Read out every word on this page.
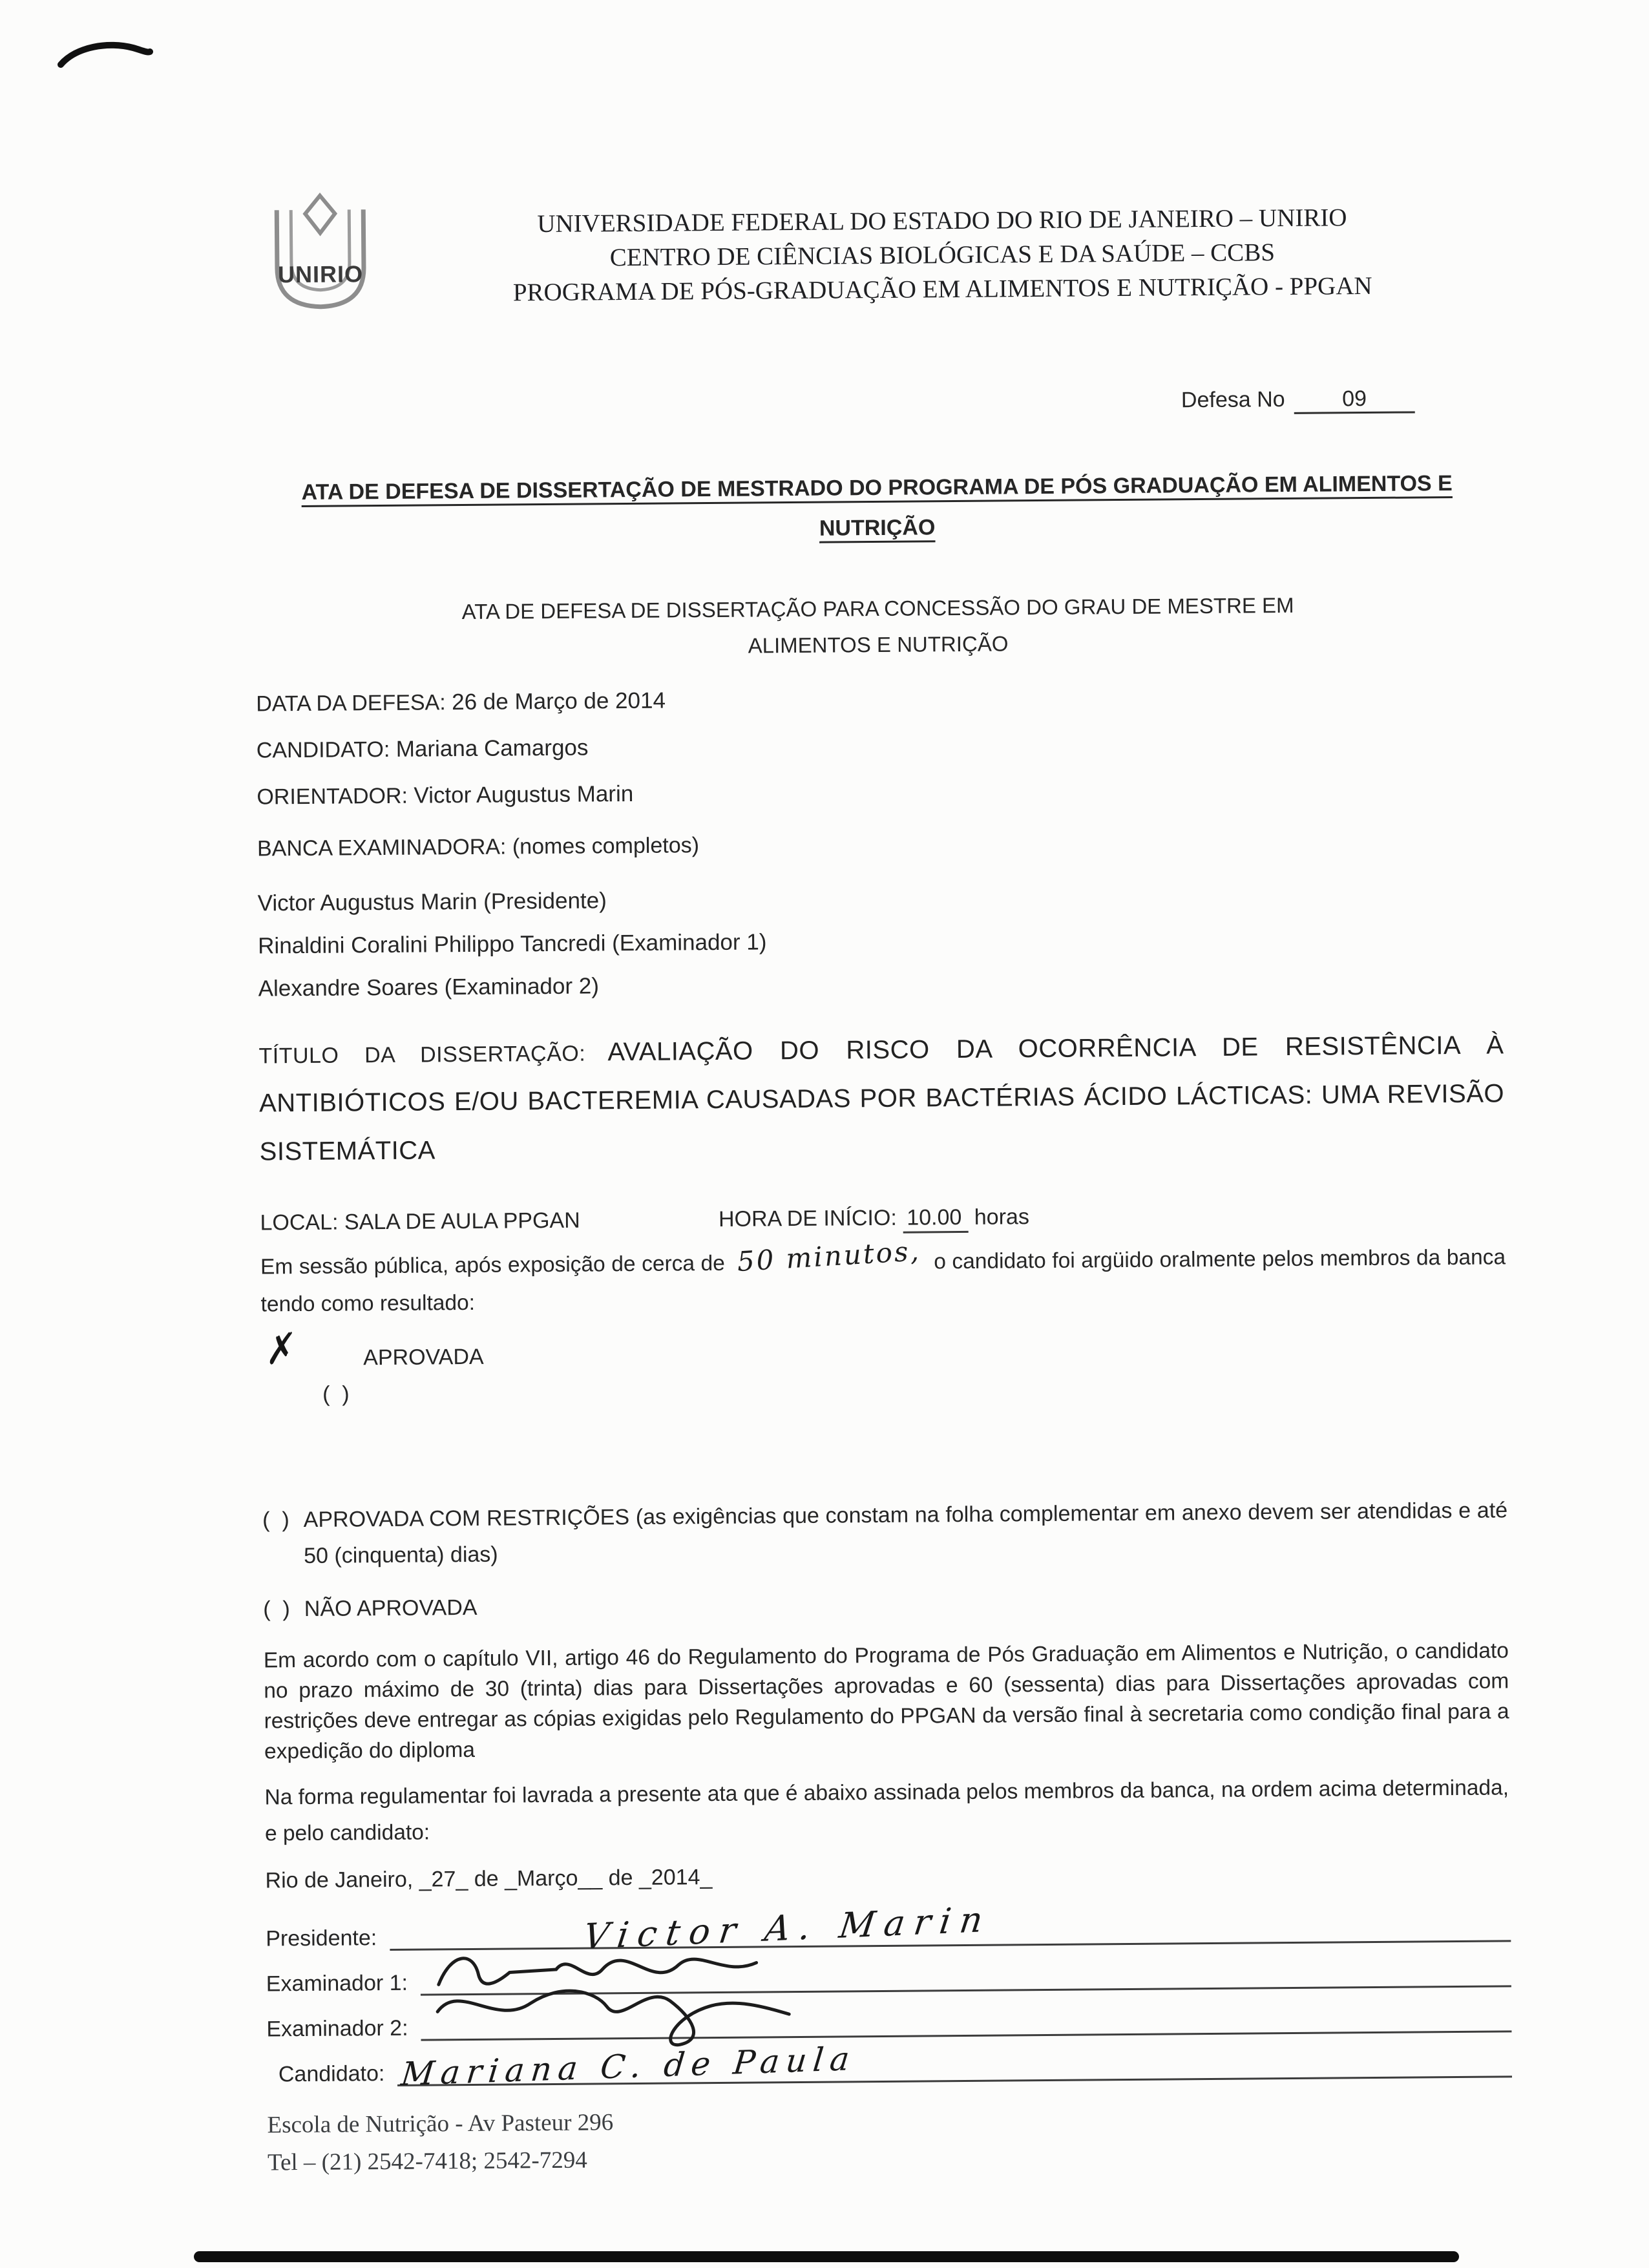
UNIRIO
UNIVERSIDADE FEDERAL DO ESTADO DO RIO DE JANEIRO – UNIRIO
CENTRO DE CIÊNCIAS BIOLÓGICAS E DA SAÚDE – CCBS
PROGRAMA DE PÓS-GRADUAÇÃO EM ALIMENTOS E NUTRIÇÃO - PPGAN
Defesa No	09
ATA DE DEFESA DE DISSERTAÇÃO DE MESTRADO DO PROGRAMA DE PÓS GRADUAÇÃO EM ALIMENTOS E NUTRIÇÃO
ATA DE DEFESA DE DISSERTAÇÃO PARA CONCESSÃO DO GRAU DE MESTRE EM ALIMENTOS E NUTRIÇÃO
DATA DA DEFESA: 26 de Março de 2014
CANDIDATO: Mariana Camargos
ORIENTADOR: Victor Augustus Marin
BANCA EXAMINADORA: (nomes completos)
Victor Augustus Marin (Presidente)
Rinaldini Coralini Philippo Tancredi (Examinador 1)
Alexandre Soares (Examinador 2)
TÍTULO DA DISSERTAÇÃO: AVALIAÇÃO DO RISCO DA OCORRÊNCIA DE RESISTÊNCIA À ANTIBIÓTICOS E/OU BACTEREMIA CAUSADAS POR BACTÉRIAS ÁCIDO LÁCTICAS: UMA REVISÃO SISTEMÁTICA
LOCAL: SALA DE AULA PPGAN	HORA DE INÍCIO: 10.00 horas
Em sessão pública, após exposição de cerca de 50 minutos, o candidato foi argüido oralmente pelos membros da banca tendo como resultado:

(  )

✗

	APROVADA
(  ) APROVADA COM RESTRIÇÕES (as exigências que constam na folha complementar em anexo devem ser atendidas e até 50 (cinquenta) dias)
(  ) NÃO APROVADA
Em acordo com o capítulo VII, artigo 46 do Regulamento do Programa de Pós Graduação em Alimentos e Nutrição, o candidato no prazo máximo de 30 (trinta) dias para Dissertações aprovadas e 60 (sessenta) dias para Dissertações aprovadas com restrições deve entregar as cópias exigidas pelo Regulamento do PPGAN da versão final à secretaria como condição final para a expedição do diploma
Na forma regulamentar foi lavrada a presente ata que é abaixo assinada pelos membros da banca, na ordem acima determinada, e pelo candidato:
Rio de Janeiro, _27_ de _Março__ de _2014_
Presidente:	Victor A. Marin
Examinador 1:
Examinador 2:
Candidato: Mariana C. de Paula
Escola de Nutrição - Av Pasteur 296
Tel – (21) 2542-7418; 2542-7294
